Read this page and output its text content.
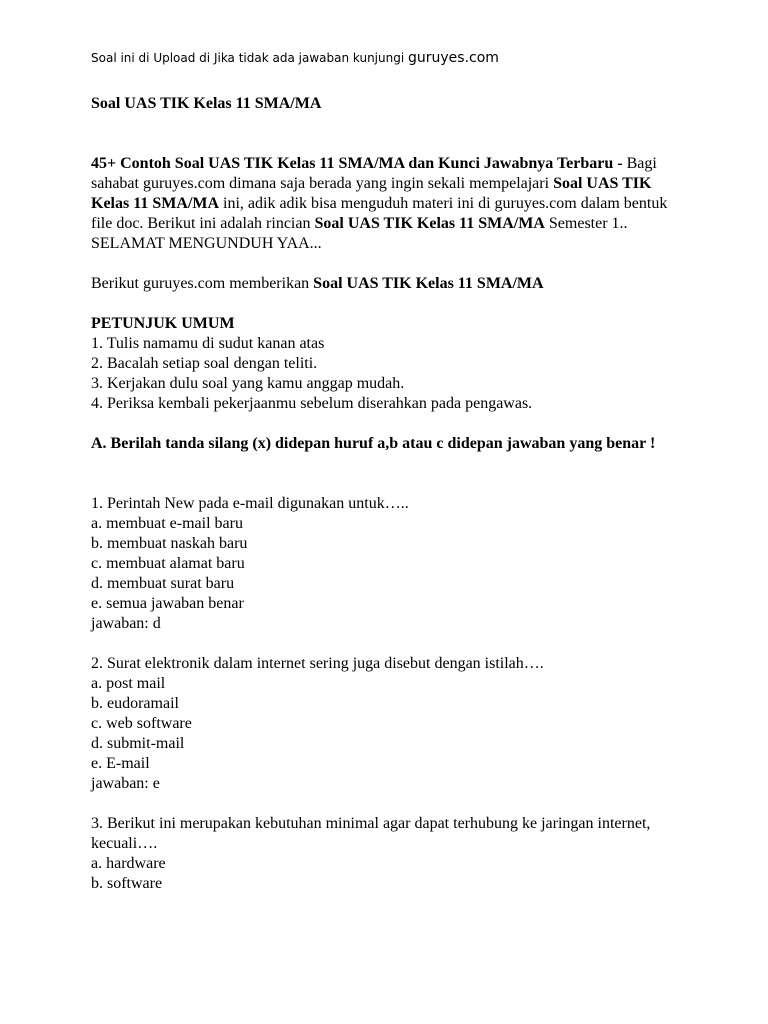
Soal ini di Upload di Jika tidak ada jawaban kunjungi guruyes.com

Soal UAS TIK Kelas 11 SMA/MA

45+ Contoh Soal UAS TIK Kelas 11 SMA/MA dan Kunci Jawabnya Terbaru - Bagi sahabat guruyes.com dimana saja berada yang ingin sekali mempelajari Soal UAS TIK Kelas 11 SMA/MA ini, adik adik bisa menguduh materi ini di guruyes.com dalam bentuk file doc. Berikut ini adalah rincian Soal UAS TIK Kelas 11 SMA/MA Semester 1.. SELAMAT MENGUNDUH YAA...

Berikut guruyes.com memberikan Soal UAS TIK Kelas 11 SMA/MA

PETUNJUK UMUM

1. Tulis namamu di sudut kanan atas

2. Bacalah setiap soal dengan teliti.

3. Kerjakan dulu soal yang kamu anggap mudah.

4. Periksa kembali pekerjaanmu sebelum diserahkan pada pengawas.

A. Berilah tanda silang (x) didepan huruf a,b atau c didepan jawaban yang benar !

1. Perintah New pada e-mail digunakan untuk…..

a. membuat e-mail baru

b. membuat naskah baru

c. membuat alamat baru

d. membuat surat baru

e. semua jawaban benar

jawaban: d

2. Surat elektronik dalam internet sering juga disebut dengan istilah….

a. post mail

b. eudoramail

c. web software

d. submit-mail

e. E-mail

jawaban: e

3. Berikut ini merupakan kebutuhan minimal agar dapat terhubung ke jaringan internet, kecuali….

a. hardware

b. software
